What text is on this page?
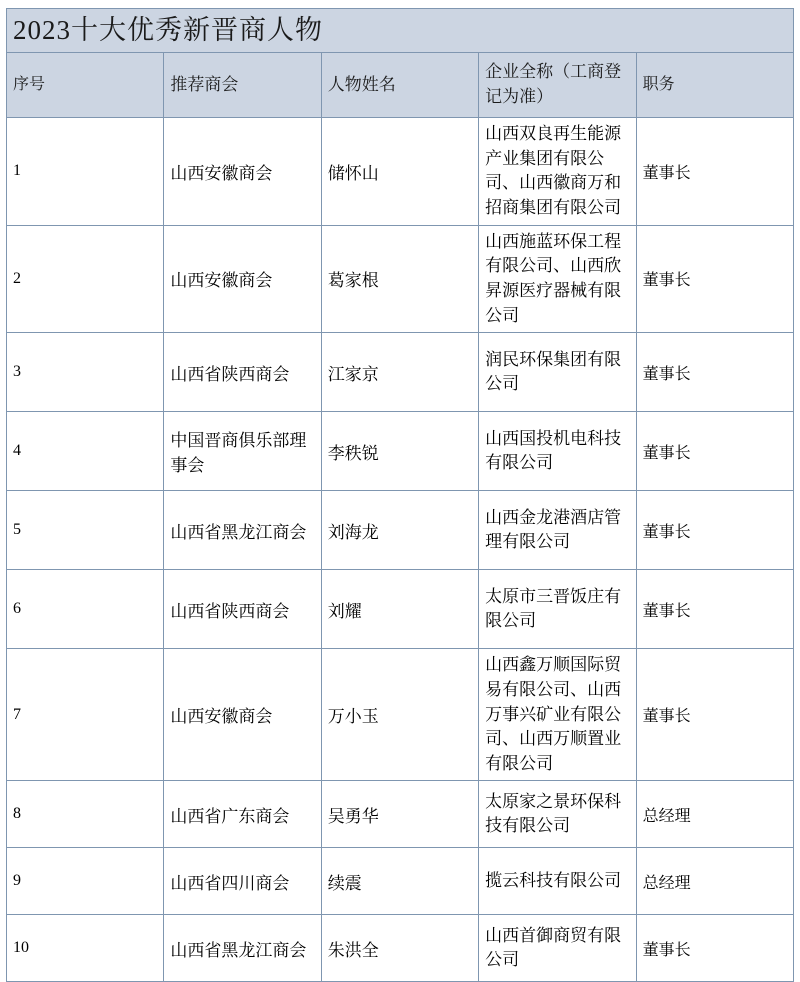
2023十大优秀新晋商人物				
序号	推荐商会	人物姓名	企业全称（工商登记为准）	职务
1	山西安徽商会	储怀山	山西双良再生能源产业集团有限公司、山西徽商万和招商集团有限公司	董事长
2	山西安徽商会	葛家根	山西施蓝环保工程有限公司、山西欣昇源医疗器械有限公司	董事长
3	山西省陕西商会	江家京	润民环保集团有限公司	董事长
4	中国晋商俱乐部理事会	李秩锐	山西国投机电科技有限公司	董事长
5	山西省黑龙江商会	刘海龙	山西金龙港酒店管理有限公司	董事长
6	山西省陕西商会	刘耀	太原市三晋饭庄有限公司	董事长
7	山西安徽商会	万小玉	山西鑫万顺国际贸易有限公司、山西万事兴矿业有限公司、山西万顺置业有限公司	董事长
8	山西省广东商会	吴勇华	太原家之景环保科技有限公司	总经理
9	山西省四川商会	续震	揽云科技有限公司	总经理
10	山西省黑龙江商会	朱洪全	山西首御商贸有限公司	董事长
